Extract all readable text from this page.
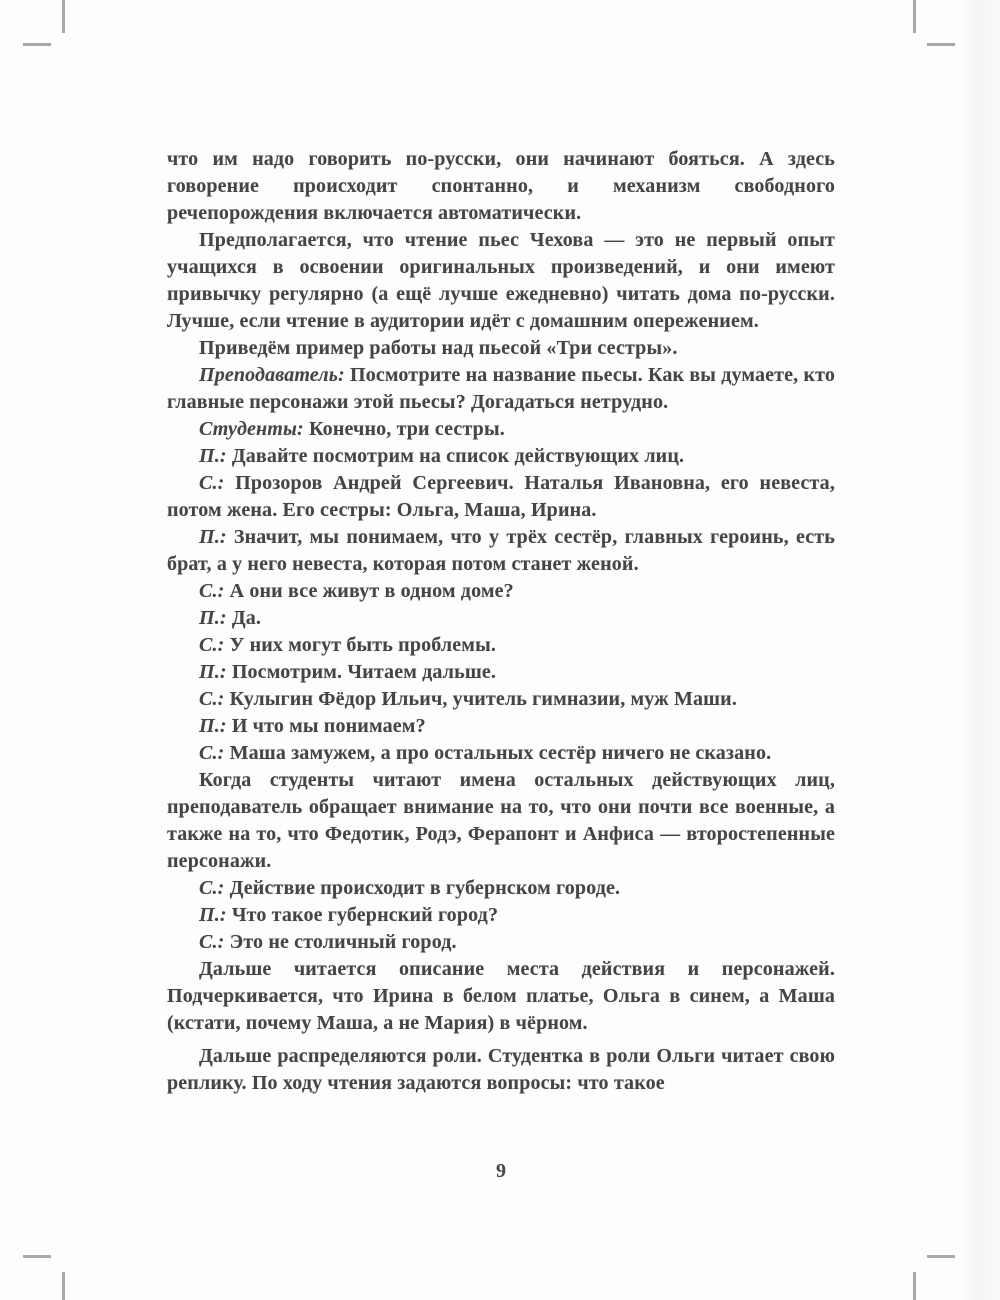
что им надо говорить по-русски, они начинают бояться. А здесь говорение происходит спонтанно, и механизм свободного речепорождения включается автоматически.

Предполагается, что чтение пьес Чехова — это не первый опыт учащихся в освоении оригинальных произведений, и они имеют привычку регулярно (а ещё лучше ежедневно) читать дома по-русски. Лучше, если чтение в аудитории идёт с домашним опережением.

Приведём пример работы над пьесой «Три сестры».

Преподаватель: Посмотрите на название пьесы. Как вы думаете, кто главные персонажи этой пьесы? Догадаться нетрудно.

Студенты: Конечно, три сестры.

П.: Давайте посмотрим на список действующих лиц.

С.: Прозоров Андрей Сергеевич. Наталья Ивановна, его невеста, потом жена. Его сестры: Ольга, Маша, Ирина.

П.: Значит, мы понимаем, что у трёх сестёр, главных героинь, есть брат, а у него невеста, которая потом станет женой.

С.: А они все живут в одном доме?

П.: Да.

С.: У них могут быть проблемы.

П.: Посмотрим. Читаем дальше.

С.: Кулыгин Фёдор Ильич, учитель гимназии, муж Маши.

П.: И что мы понимаем?

С.: Маша замужем, а про остальных сестёр ничего не сказано.

Когда студенты читают имена остальных действующих лиц, преподаватель обращает внимание на то, что они почти все военные, а также на то, что Федотик, Родэ, Ферапонт и Анфиса — второстепенные персонажи.

С.: Действие происходит в губернском городе.

П.: Что такое губернский город?

С.: Это не столичный город.

Дальше читается описание места действия и персонажей. Подчеркивается, что Ирина в белом платье, Ольга в синем, а Маша (кстати, почему Маша, а не Мария) в чёрном.

Дальше распределяются роли. Студентка в роли Ольги читает свою реплику. По ходу чтения задаются вопросы: что такое

9
